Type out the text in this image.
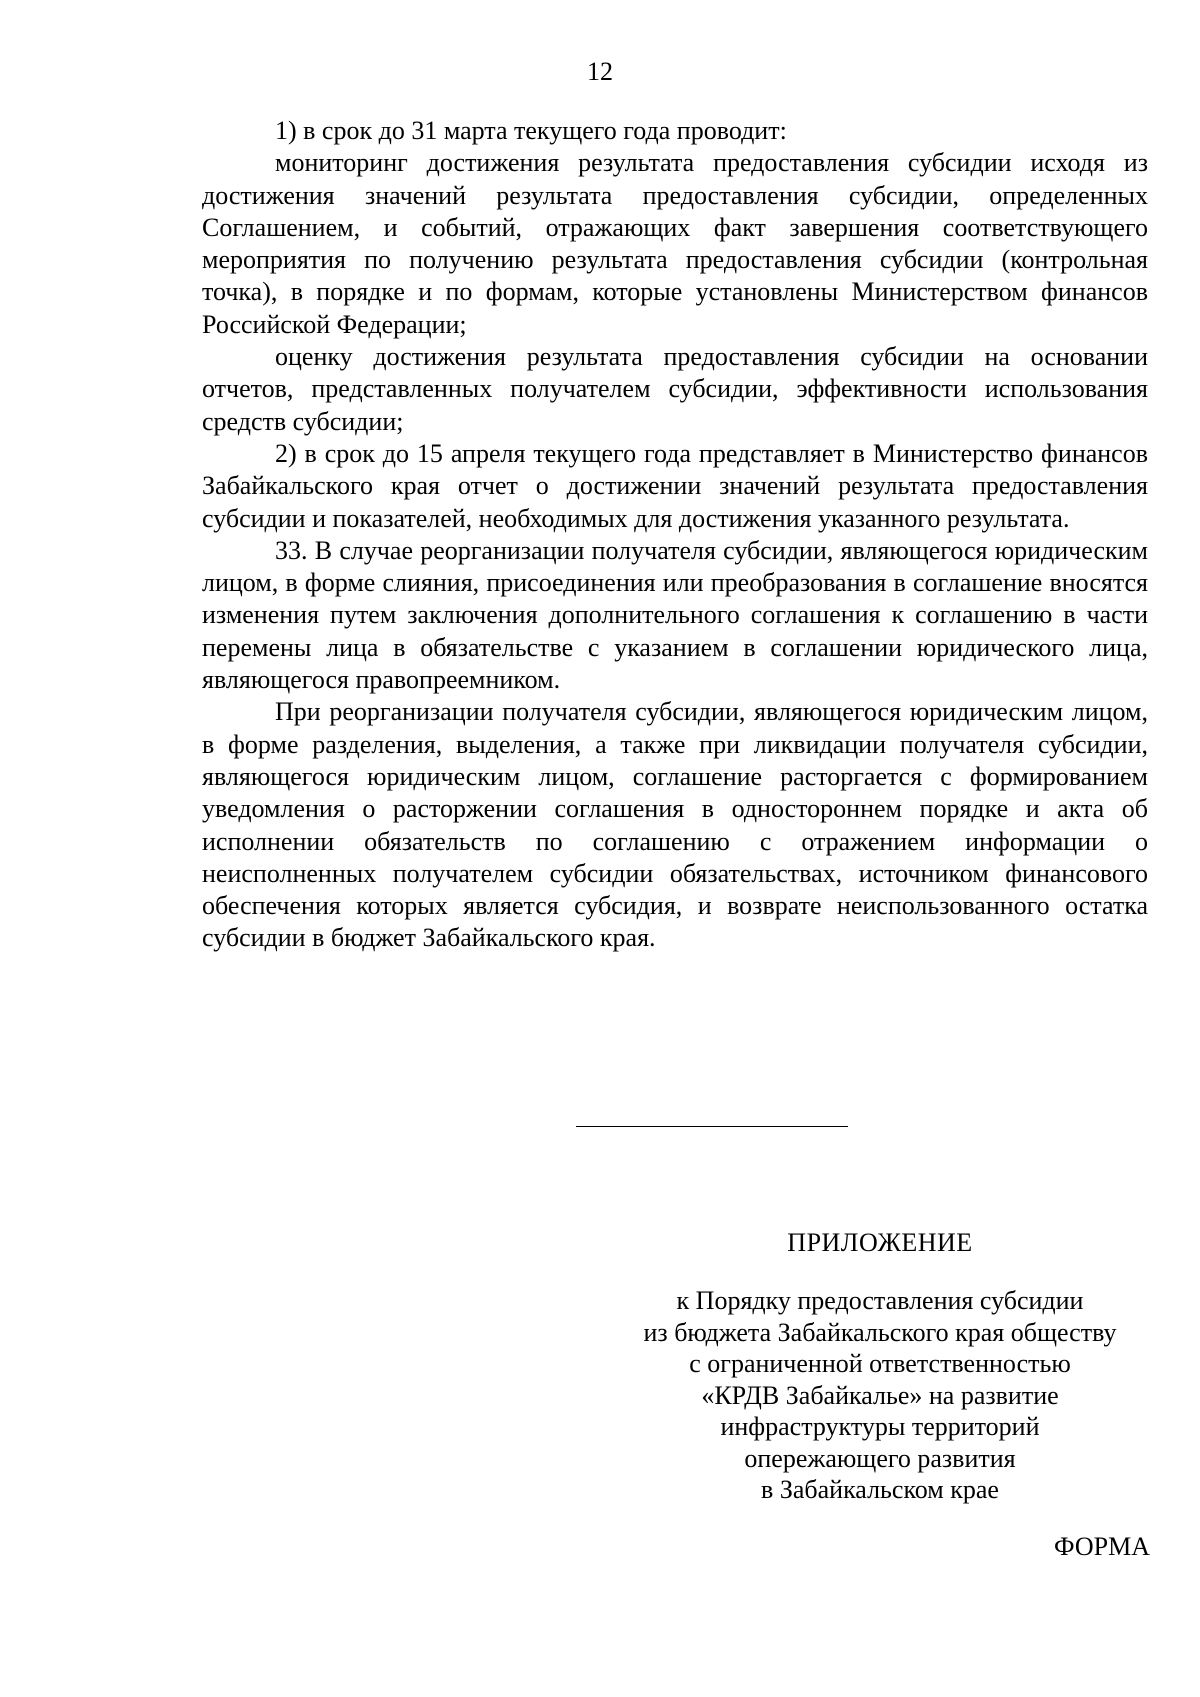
12

1) в срок до 31 марта текущего года проводит:

мониторинг достижения результата предоставления субсидии исходя из достижения значений результата предоставления субсидии, определенных Соглашением, и событий, отражающих факт завершения соответствующего мероприятия по получению результата предоставления субсидии (контрольная точка), в порядке и по формам, которые установлены Министерством финансов Российской Федерации;

оценку достижения результата предоставления субсидии на основании отчетов, представленных получателем субсидии, эффективности использования средств субсидии;

2) в срок до 15 апреля текущего года представляет в Министерство финансов Забайкальского края отчет о достижении значений результата предоставления субсидии и показателей, необходимых для достижения указанного результата.

33. В случае реорганизации получателя субсидии, являющегося юридическим лицом, в форме слияния, присоединения или преобразования в соглашение вносятся изменения путем заключения дополнительного соглашения к соглашению в части перемены лица в обязательстве с указанием в соглашении юридического лица, являющегося правопреемником.

При реорганизации получателя субсидии, являющегося юридическим лицом, в форме разделения, выделения, а также при ликвидации получателя субсидии, являющегося юридическим лицом, соглашение расторгается с формированием уведомления о расторжении соглашения в одностороннем порядке и акта об исполнении обязательств по соглашению с отражением информации о неисполненных получателем субсидии обязательствах, источником финансового обеспечения которых является субсидия, и возврате неиспользованного остатка субсидии в бюджет Забайкальского края.

ПРИЛОЖЕНИЕ
к Порядку предоставления субсидии
из бюджета Забайкальского края обществу
с ограниченной ответственностью
«КРДВ Забайкалье» на развитие
инфраструктуры территорий
опережающего развития
в Забайкальском крае
ФОРМА
